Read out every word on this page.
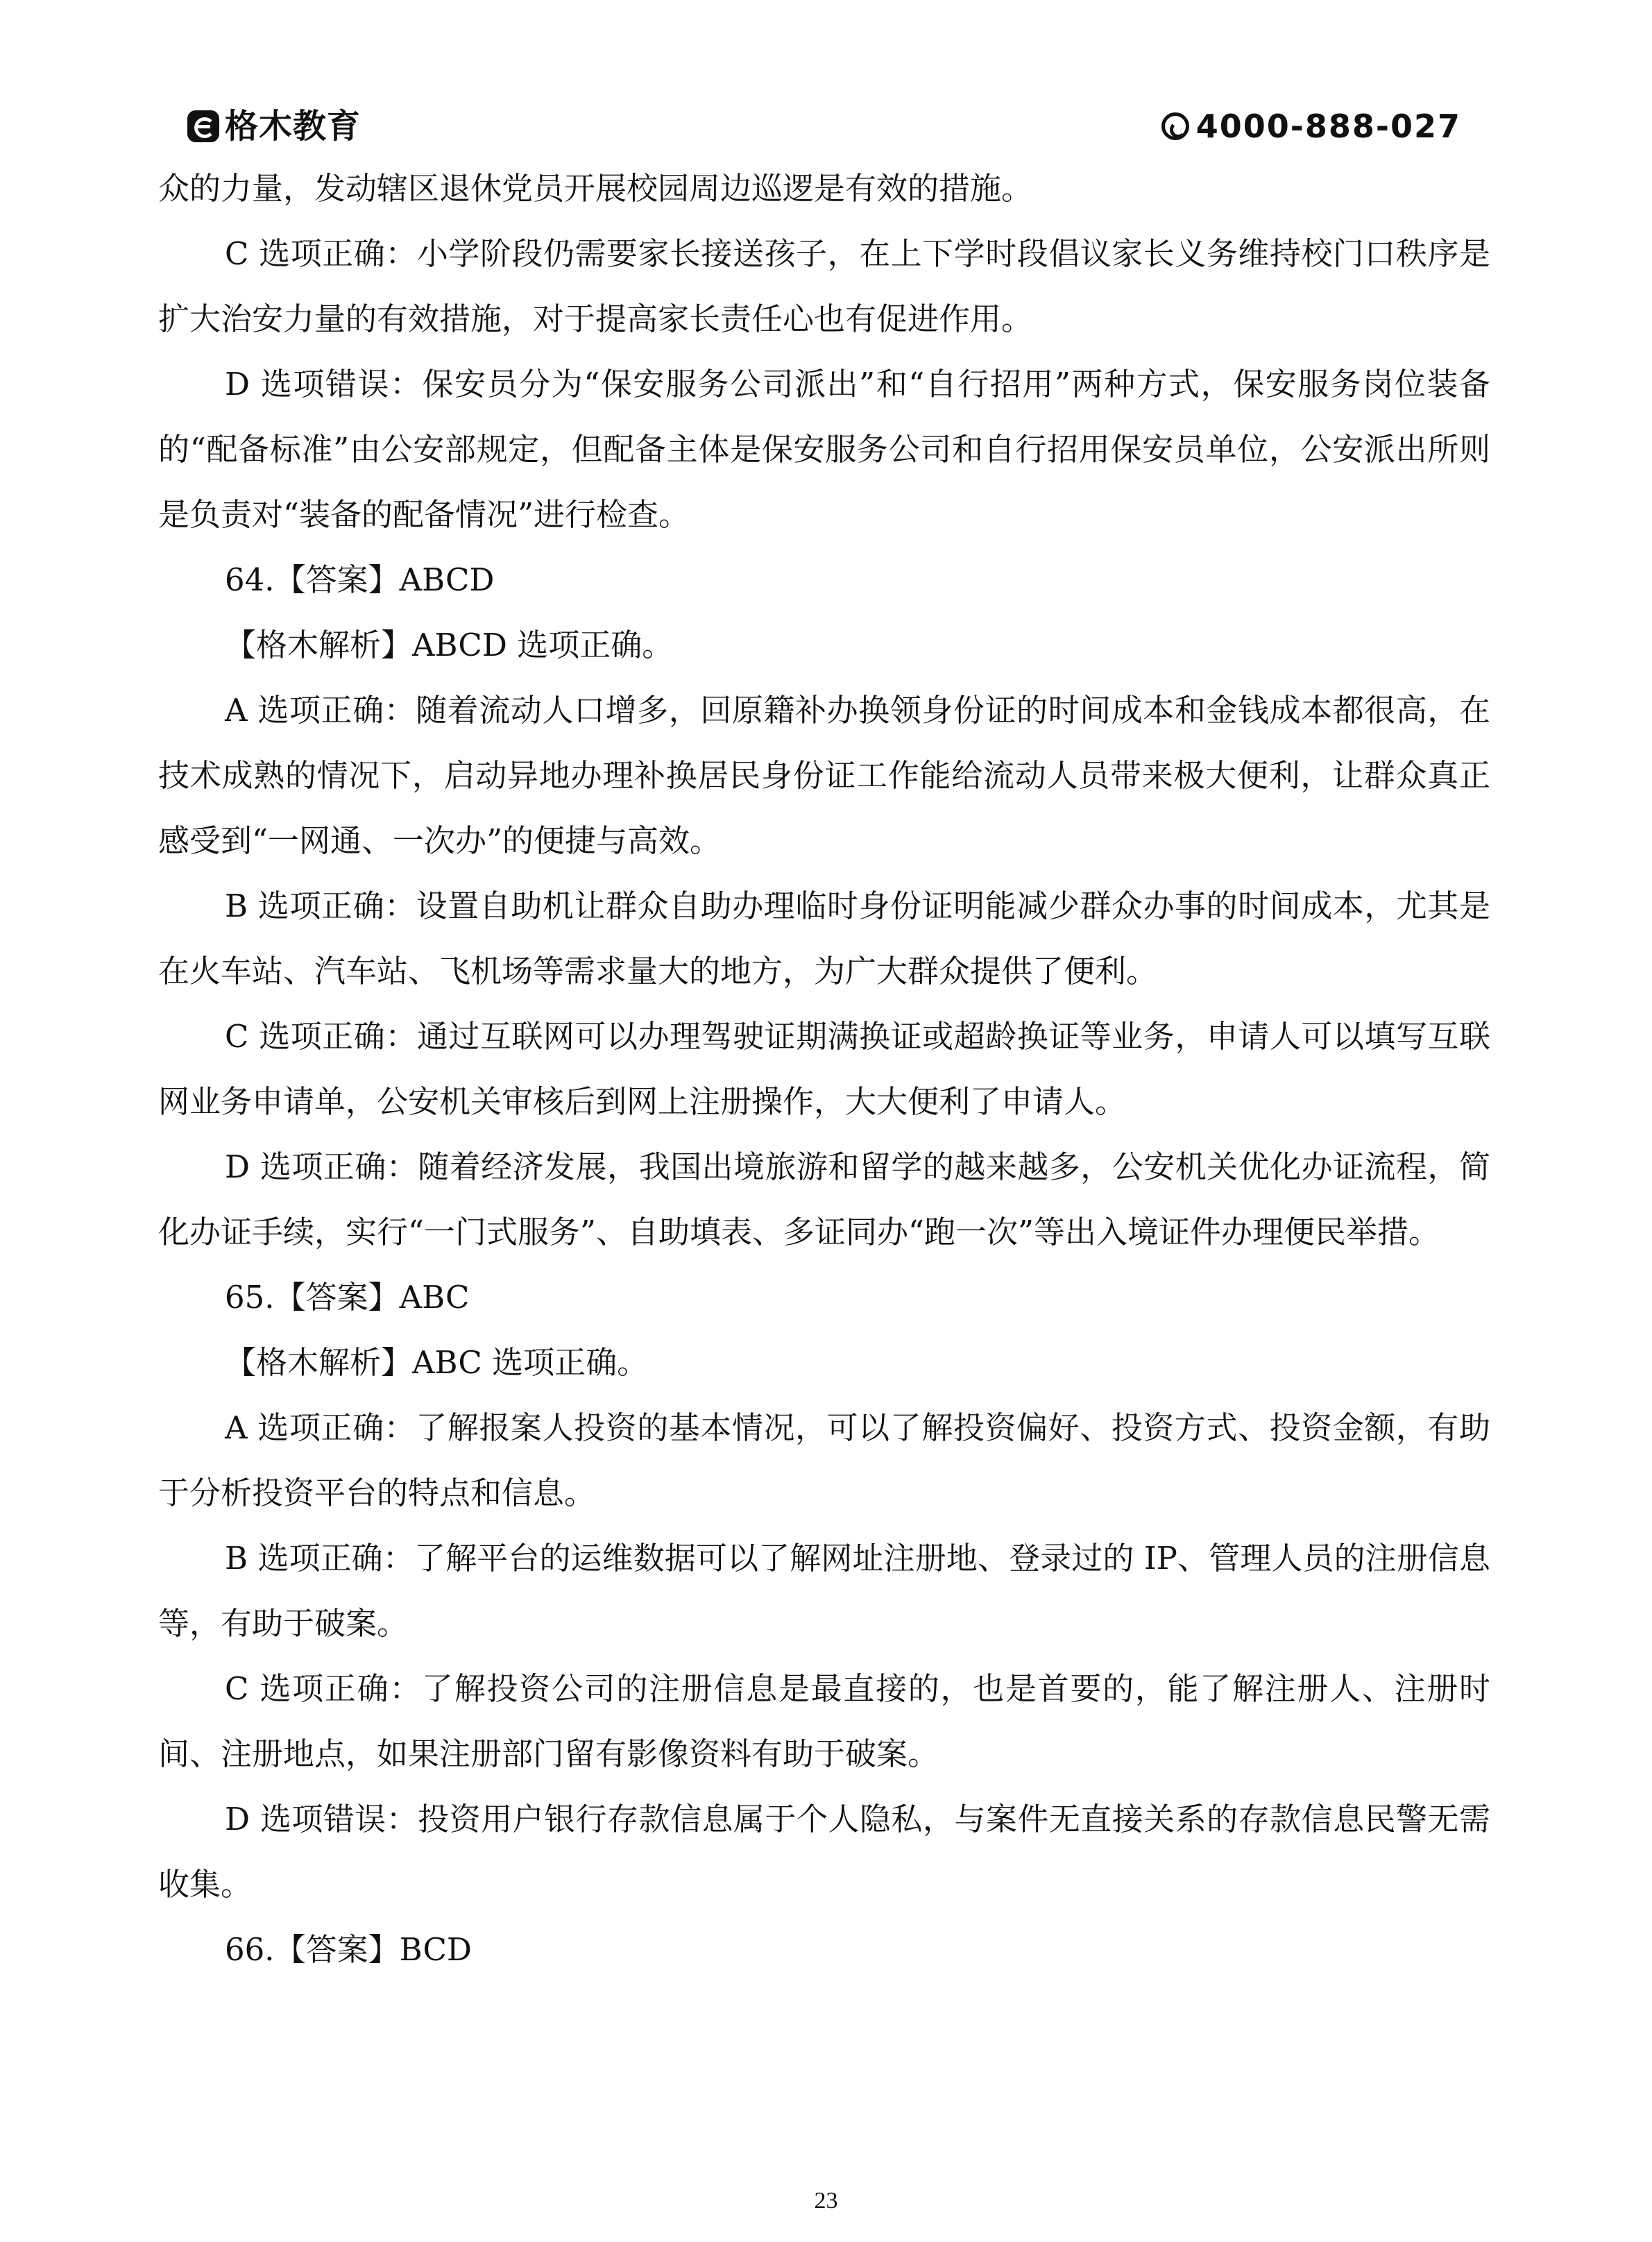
格木教育	4000-888-027

众的力量，发动辖区退休党员开展校园周边巡逻是有效的措施。

C 选项正确：小学阶段仍需要家长接送孩子，在上下学时段倡议家长义务维持校门口秩序是扩大治安力量的有效措施，对于提高家长责任心也有促进作用。

D 选项错误：保安员分为“保安服务公司派出”和“自行招用”两种方式，保安服务岗位装备的“配备标准”由公安部规定，但配备主体是保安服务公司和自行招用保安员单位，公安派出所则是负责对“装备的配备情况”进行检查。

64.【答案】ABCD

【格木解析】ABCD 选项正确。

A 选项正确：随着流动人口增多，回原籍补办换领身份证的时间成本和金钱成本都很高，在技术成熟的情况下，启动异地办理补换居民身份证工作能给流动人员带来极大便利，让群众真正感受到“一网通、一次办”的便捷与高效。

B 选项正确：设置自助机让群众自助办理临时身份证明能减少群众办事的时间成本，尤其是在火车站、汽车站、飞机场等需求量大的地方，为广大群众提供了便利。

C 选项正确：通过互联网可以办理驾驶证期满换证或超龄换证等业务，申请人可以填写互联网业务申请单，公安机关审核后到网上注册操作，大大便利了申请人。

D 选项正确：随着经济发展，我国出境旅游和留学的越来越多，公安机关优化办证流程，简化办证手续，实行“一门式服务”、自助填表、多证同办“跑一次”等出入境证件办理便民举措。

65.【答案】ABC

【格木解析】ABC 选项正确。

A 选项正确：了解报案人投资的基本情况，可以了解投资偏好、投资方式、投资金额，有助于分析投资平台的特点和信息。

B 选项正确：了解平台的运维数据可以了解网址注册地、登录过的 IP、管理人员的注册信息等，有助于破案。

C 选项正确：了解投资公司的注册信息是最直接的，也是首要的，能了解注册人、注册时间、注册地点，如果注册部门留有影像资料有助于破案。

D 选项错误：投资用户银行存款信息属于个人隐私，与案件无直接关系的存款信息民警无需收集。

66.【答案】BCD

23
